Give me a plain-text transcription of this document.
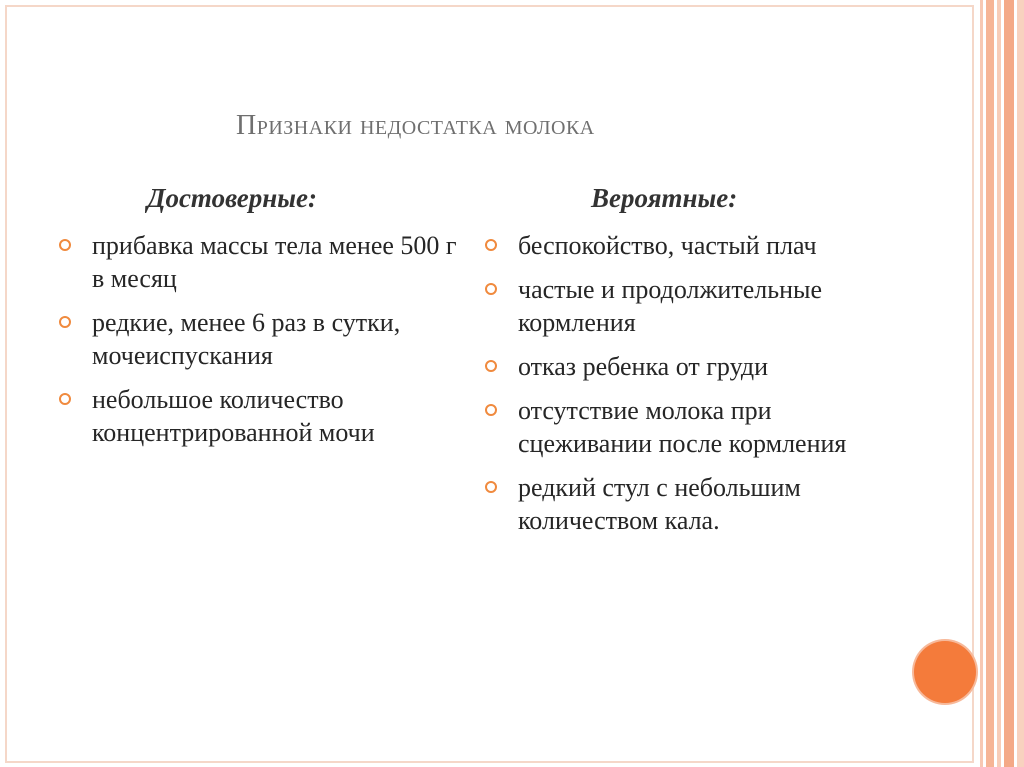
Признаки недостатка молока
Достоверные:	Вероятные:
прибавка массы тела менее 500 г в месяц
редкие, менее 6 раз в сутки, мочеиспускания
небольшое количество концентрированной мочи
беспокойство, частый плач
частые и продолжительные кормления
отказ ребенка от груди
отсутствие молока при сцеживании после кормления
редкий стул с небольшим количеством кала.
